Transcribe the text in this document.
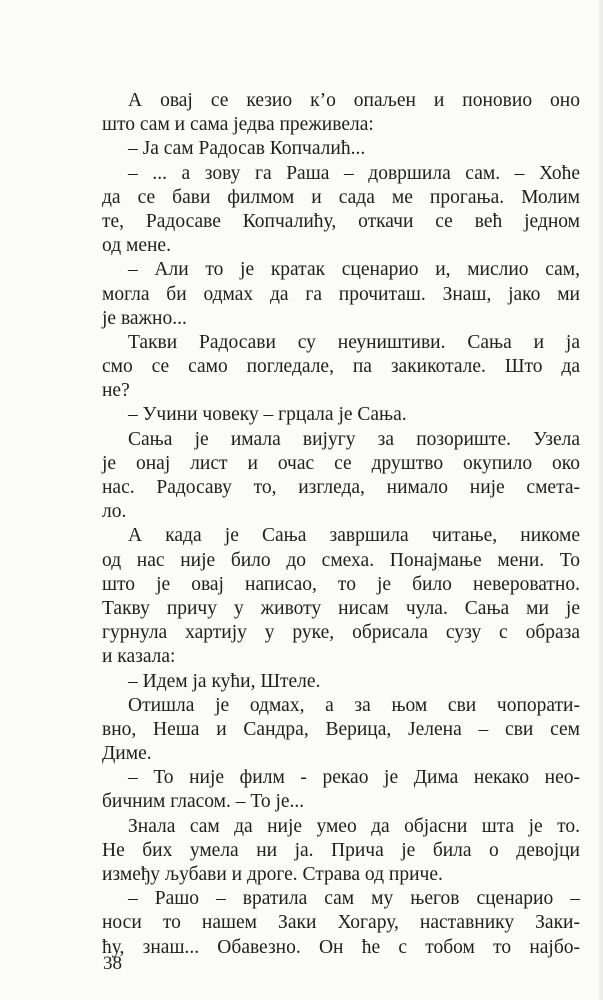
А овај се кезио к’о опаљен и поновио оно
што сам и сама једва преживела:
– Ја сам Радосав Копчалић...
– ... а зову га Раша – довршила сам. – Хоће
да се бави филмом и сада ме прогања. Молим
те, Радосаве Копчалићу, откачи се већ једном
од мене.
– Али то је кратак сценарио и, мислио сам,
могла би одмах да га прочиташ. Знаш, јако ми
је важно...
Такви Радосави су неуништиви. Сања и ја
смо се само погледале, па закикотале. Што да
не?
– Учини човеку – грцала је Сања.
Сања је имала вијугу за позориште. Узела
је онај лист и очас се друштво окупило око
нас. Радосаву то, изгледа, нимало није смета-
ло.
А када је Сања завршила читање, никоме
од нас није било до смеха. Понајмање мени. То
што је овај написао, то је било невероватно.
Такву причу у животу нисам чула. Сања ми је
гурнула хартију у руке, обрисала сузу с образа
и казала:
– Идем ја кући, Штеле.
Отишла је одмах, а за њом сви чопорати-
вно, Неша и Сандра, Верица, Јелена – сви сем
Диме.
– То није филм - рекао је Дима некако нео-
бичним гласом. – То је...
Знала сам да није умео да објасни шта је то.
Не бих умела ни ја. Прича је била о девојци
између љубави и дроге. Страва од приче.
– Рашо – вратила сам му његов сценарио –
носи то нашем Заки Хогару, наставнику Заки-
ћу, знаш... Обавезно. Он ће с тобом то најбо-
38
